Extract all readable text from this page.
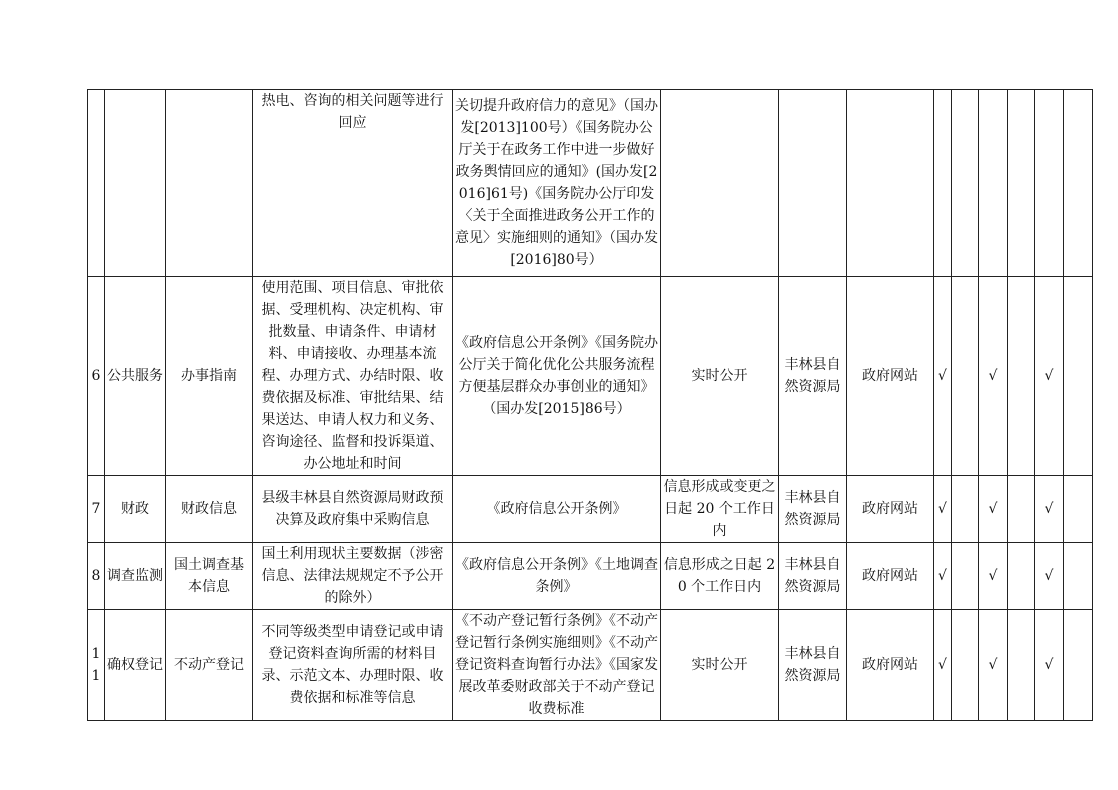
			热电、咨询的相关问题等进行回应	关切提升政府信力的意见》（国办发[2013]100号）《国务院办公厅关于在政务工作中进一步做好政务舆情回应的通知》(国办发[2016]61号)《国务院办公厅印发〈关于全面推进政务公开工作的意见〉实施细则的通知》（国办发[2016]80号）									
6	公共服务	办事指南	使用范围、项目信息、审批依据、受理机构、决定机构、审批数量、申请条件、申请材料、申请接收、办理基本流程、办理方式、办结时限、收费依据及标准、审批结果、结果送达、申请人权力和义务、咨询途径、监督和投诉渠道、办公地址和时间	《政府信息公开条例》《国务院办公厅关于简化优化公共服务流程方便基层群众办事创业的通知》（国办发[2015]86号）	实时公开	丰林县自然资源局	政府网站	√		√		√	
7	财政	财政信息	县级丰林县自然资源局财政预决算及政府集中采购信息	《政府信息公开条例》	信息形成或变更之日起 20 个工作日内	丰林县自然资源局	政府网站	√		√		√	
8	调查监测	国土调查基本信息	国土利用现状主要数据（涉密信息、法律法规规定不予公开的除外）	《政府信息公开条例》《土地调查条例》	信息形成之日起 20 个工作日内	丰林县自然资源局	政府网站	√		√		√	
11	确权登记	不动产登记	不同等级类型申请登记或申请登记资料查询所需的材料目录、示范文本、办理时限、收费依据和标准等信息	《不动产登记暂行条例》《不动产登记暂行条例实施细则》《不动产登记资料查询暂行办法》《国家发展改革委财政部关于不动产登记收费标准	实时公开	丰林县自然资源局	政府网站	√		√		√	
